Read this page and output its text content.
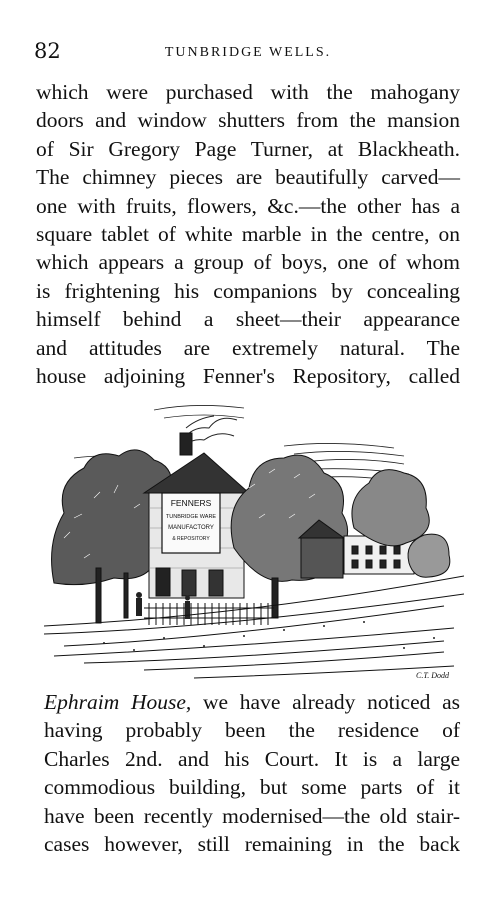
82	TUNBRIDGE WELLS.
which were purchased with the mahogany
doors and window shutters from the mansion
of Sir Gregory Page Turner, at Blackheath.
The chimney pieces are beautifully carved—
one with fruits, flowers, &c.—the other has a
square tablet of white marble in the centre, on
which appears a group of boys, one of whom
is frightening his companions by concealing
himself behind a sheet—their appearance
and attitudes are extremely natural. The
house adjoining Fenner's Repository, called
FENNERS
TUNBRIDGE WARE
MANUFACTORY
& REPOSITORY
C.T. Dodd
Ephraim House, we have already noticed as
having probably been the residence of
Charles 2nd. and his Court. It is a large
commodious building, but some parts of it
have been recently modernised—the old stair-
cases however, still remaining in the back
